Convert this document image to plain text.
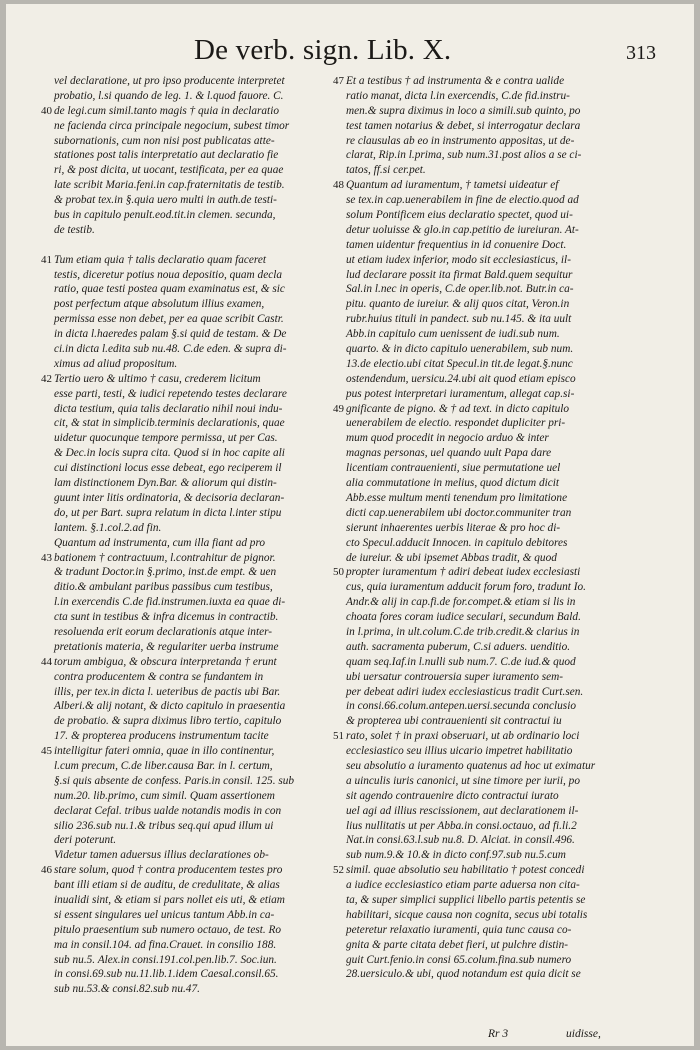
De verb. sign. Lib. X.	313
vel declaratione, ut pro ipso producente interpretet
probatio, l.si quando de leg. 1. & l.quod fauore. C.
40 de legi.cum simil.tanto magis † quia in declaratio
ne facienda circa principale negocium, subest timor
subornationis, cum non nisi post publicatas atte-
stationes post talis interpretatio aut declaratio fie
ri, & post dicita, ut uocant, testificata, per ea quae
late scribit Maria.feni.in cap.fraternitatis de testib.
& probat tex.in §.quia uero multi in auth.de testi-
bus in capitulo penult.eod.tit.in clemen. secunda,
de testib.
41 Tum etiam quia † talis declaratio quam faceret
testis, diceretur potius noua depositio, quam decla
ratio, quae testi postea quam examinatus est, & sic
post perfectum atque absolutum illius examen,
permissa esse non debet, per ea quae scribit Castr.
in dicta l.haeredes palam §.si quid de testam. & De
ci.in dicta l.edita sub nu.48. C.de eden. & supra di-
ximus ad aliud propositum.
42 Tertio uero & ultimo † casu, crederem licitum
esse parti, testi, & iudici repetendo testes declarare
dicta testium, quia talis declaratio nihil noui indu-
cit, & stat in simplicib.terminis declarationis, quae
uidetur quocunque tempore permissa, ut per Cas.
& Dec.in locis supra cita. Quod si in hoc capite ali
cui distinctioni locus esse debeat, ego reciperem il
lam distinctionem Dyn.Bar. & aliorum qui distin-
guunt inter litis ordinatoria, & decisoria declaran-
do, ut per Bart. supra relatum in dicta l.inter stipu
lantem. §.1.col.2.ad fin.
Quantum ad instrumenta, cum illa fiant ad pro
43 bationem † contractuum, l.contrahitur de pignor.
& tradunt Doctor.in §.primo, inst.de empt. & uen
ditio.& ambulant paribus passibus cum testibus,
l.in exercendis C.de fid.instrumen.iuxta ea quae di-
cta sunt in testibus & infra dicemus in contractib.
resoluenda erit eorum declarationis atque inter-
pretationis materia, & regulariter uerba instrume
44 torum ambigua, & obscura interpretanda † erunt
contra producentem & contra se fundantem in
illis, per tex.in dicta l. ueteribus de pactis ubi Bar.
Alberi.& alij notant, & dicto capitulo in praesentia
de probatio. & supra diximus libro tertio, capitulo
17. & propterea producens instrumentum tacite
45 intelligitur fateri omnia, quae in illo continentur,
l.cum precum, C.de liber.causa Bar. in l. certum,
§.si quis absente de confess. Paris.in consil. 125. sub
num.20. lib.primo, cum simil. Quam assertionem
declarat Cefal. tribus ualde notandis modis in con
silio 236.sub nu.1.& tribus seq.qui apud illum ui
deri poterunt.
Videtur tamen aduersus illius declarationes ob-
46 stare solum, quod † contra producentem testes pro
bant illi etiam si de auditu, de credulitate, & alias
inualidi sint, & etiam si pars nollet eis uti, & etiam
si essent singulares uel unicus tantum Abb.in ca-
pitulo praesentium sub numero octauo, de test. Ro
ma in consil.104. ad fina.Crauet. in consilio 188.
sub nu.5. Alex.in consi.191.col.pen.lib.7. Soc.iun.
in consi.69.sub nu.11.lib.1.idem Caesal.consil.65.
sub nu.53.& consi.82.sub nu.47.
47 Et a testibus † ad instrumenta & e contra ualide
ratio manat, dicta l.in exercendis, C.de fid.instru-
men.& supra diximus in loco a simili.sub quinto, po
test tamen notarius & debet, si interrogatur declara
re clausulas ab eo in instrumento appositas, ut de-
clarat, Rip.in l.prima, sub num.31.post alios a se ci-
tatos, ff.si cer.pet.
48 Quantum ad iuramentum, † tametsi uideatur ef
se tex.in cap.uenerabilem in fine de electio.quod ad
solum Pontificem eius declaratio spectet, quod ui-
detur uoluisse & glo.in cap.petitio de iureiuran. At-
tamen uidentur frequentius in id conuenire Doct.
ut etiam iudex inferior, modo sit ecclesiasticus, il-
lud declarare possit ita firmat Bald.quem sequitur
Sal.in l.nec in operis, C.de oper.lib.not. Butr.in ca-
pitu. quanto de iureiur. & alij quos citat, Veron.in
rubr.huius tituli in pandect. sub nu.145. & ita uult
Abb.in capitulo cum uenissent de iudi.sub num.
quarto. & in dicto capitulo uenerabilem, sub num.
13.de electio.ubi citat Specul.in tit.de legat.§.nunc
ostendendum, uersicu.24.ubi ait quod etiam episco
pus potest interpretari iuramentum, allegat cap.si-
49 gnificante de pigno. & † ad text. in dicto capitulo
uenerabilem de electio. respondet dupliciter pri-
mum quod procedit in negocio arduo & inter
magnas personas, uel quando uult Papa dare
licentiam contrauenienti, siue permutatione uel
alia commutatione in melius, quod dictum dicit
Abb.esse multum menti tenendum pro limitatione
dicti cap.uenerabilem ubi doctor.communiter tran
sierunt inhaerentes uerbis literae & pro hoc di-
cto Specul.adducit Innocen. in capitulo debitores
de iureiur. & ubi ipsemet Abbas tradit, & quod
50 propter iuramentum † adiri debeat iudex ecclesiasti
cus, quia iuramentum adducit forum foro, tradunt Io.
Andr.& alij in cap.fi.de for.compet.& etiam si lis in
choata fores coram iudice seculari, secundum Bald.
in l.prima, in ult.colum.C.de trib.credit.& clarius in
auth. sacramenta puberum, C.si aduers. uenditio.
quam seq.Iaf.in l.nulli sub num.7. C.de iud.& quod
ubi uersatur controuersia super iuramento sem-
per debeat adiri iudex ecclesiasticus tradit Curt.sen.
in consi.66.colum.antepen.uersi.secunda conclusio
& propterea ubi contrauenienti sit contractui iu
51 rato, solet † in praxi obseruari, ut ab ordinario loci
ecclesiastico seu illius uicario impetret habilitatio
seu absolutio a iuramento quatenus ad hoc ut eximatur
a uinculis iuris canonici, ut sine timore per iurii, po
sit agendo contrauenire dicto contractui iurato
uel agi ad illius rescissionem, aut declarationem il-
lius nullitatis ut per Abba.in consi.octauo, ad fi.li.2
Nat.in consi.63.l.sub nu.8. D. Alciat. in consil.496.
sub num.9.& 10.& in dicto conf.97.sub nu.5.cum
52 simil. quae absolutio seu habilitatio † potest concedi
a iudice ecclesiastico etiam parte aduersa non cita-
ta, & super simplici supplici libello partis petentis se
habilitari, sicque causa non cognita, secus ubi totalis
peteretur relaxatio iuramenti, quia tunc causa co-
gnita & parte citata debet fieri, ut pulchre distin-
guit Curt.fenio.in consi 65.colum.fina.sub numero
28.uersiculo.& ubi, quod notandum est quia dicit se
Rr 3	uidisse,
